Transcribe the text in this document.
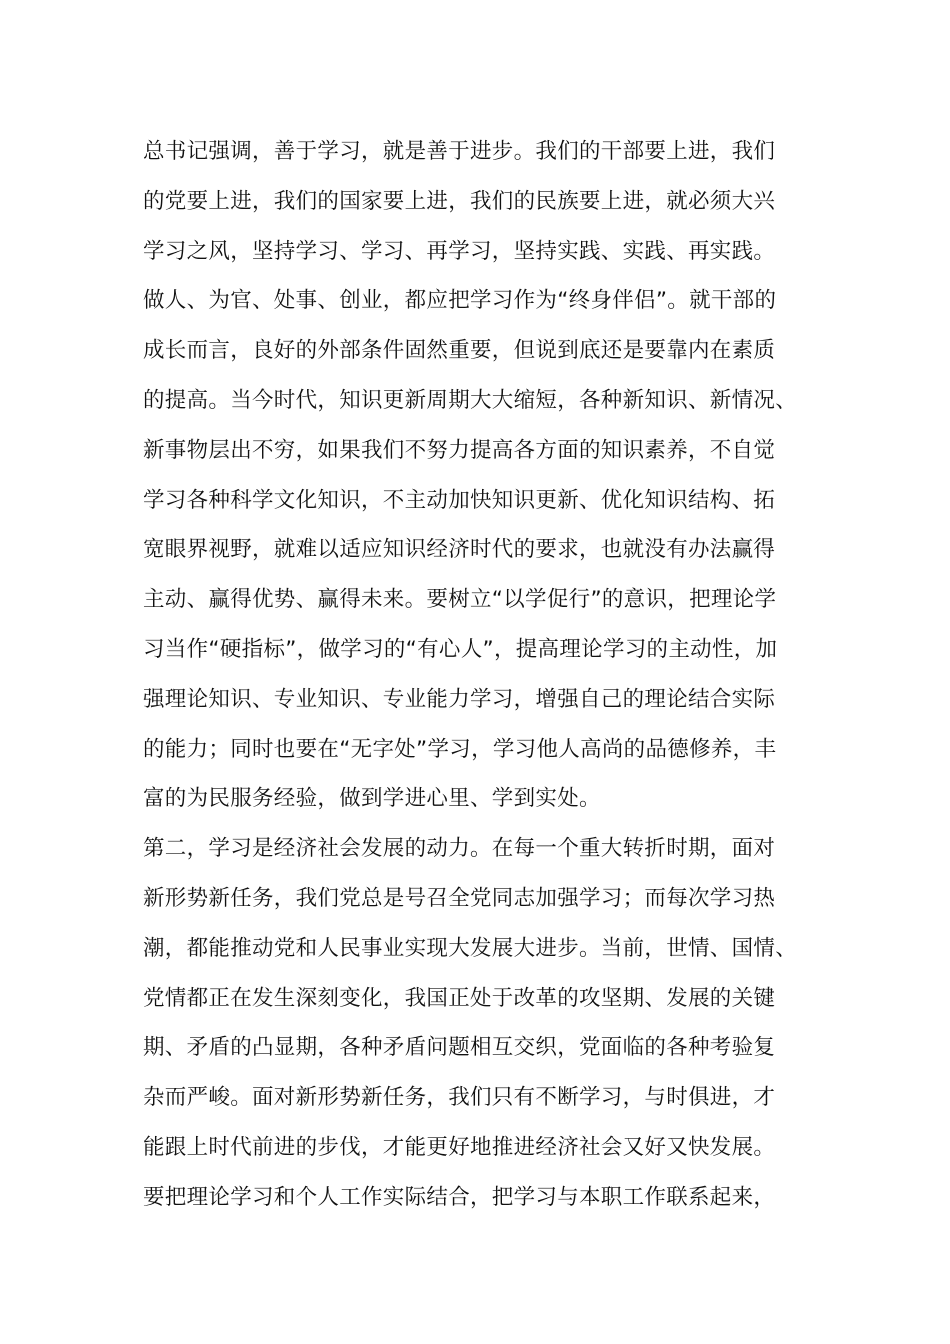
总书记强调，善于学习，就是善于进步。我们的干部要上进，我们
的党要上进，我们的国家要上进，我们的民族要上进，就必须大兴
学习之风，坚持学习、学习、再学习，坚持实践、实践、再实践。
做人、为官、处事、创业，都应把学习作为“终身伴侣”。就干部的
成长而言，良好的外部条件固然重要，但说到底还是要靠内在素质
的提高。当今时代，知识更新周期大大缩短，各种新知识、新情况、
新事物层出不穷，如果我们不努力提高各方面的知识素养，不自觉
学习各种科学文化知识，不主动加快知识更新、优化知识结构、拓
宽眼界视野，就难以适应知识经济时代的要求，也就没有办法赢得
主动、赢得优势、赢得未来。要树立“以学促行”的意识，把理论学
习当作“硬指标”，做学习的“有心人”，提高理论学习的主动性，加
强理论知识、专业知识、专业能力学习，增强自己的理论结合实际
的能力；同时也要在“无字处”学习，学习他人高尚的品德修养，丰
富的为民服务经验，做到学进心里、学到实处。
第二，学习是经济社会发展的动力。在每一个重大转折时期，面对
新形势新任务，我们党总是号召全党同志加强学习；而每次学习热
潮，都能推动党和人民事业实现大发展大进步。当前，世情、国情、
党情都正在发生深刻变化，我国正处于改革的攻坚期、发展的关键
期、矛盾的凸显期，各种矛盾问题相互交织，党面临的各种考验复
杂而严峻。面对新形势新任务，我们只有不断学习，与时俱进，才
能跟上时代前进的步伐，才能更好地推进经济社会又好又快发展。
要把理论学习和个人工作实际结合，把学习与本职工作联系起来，
